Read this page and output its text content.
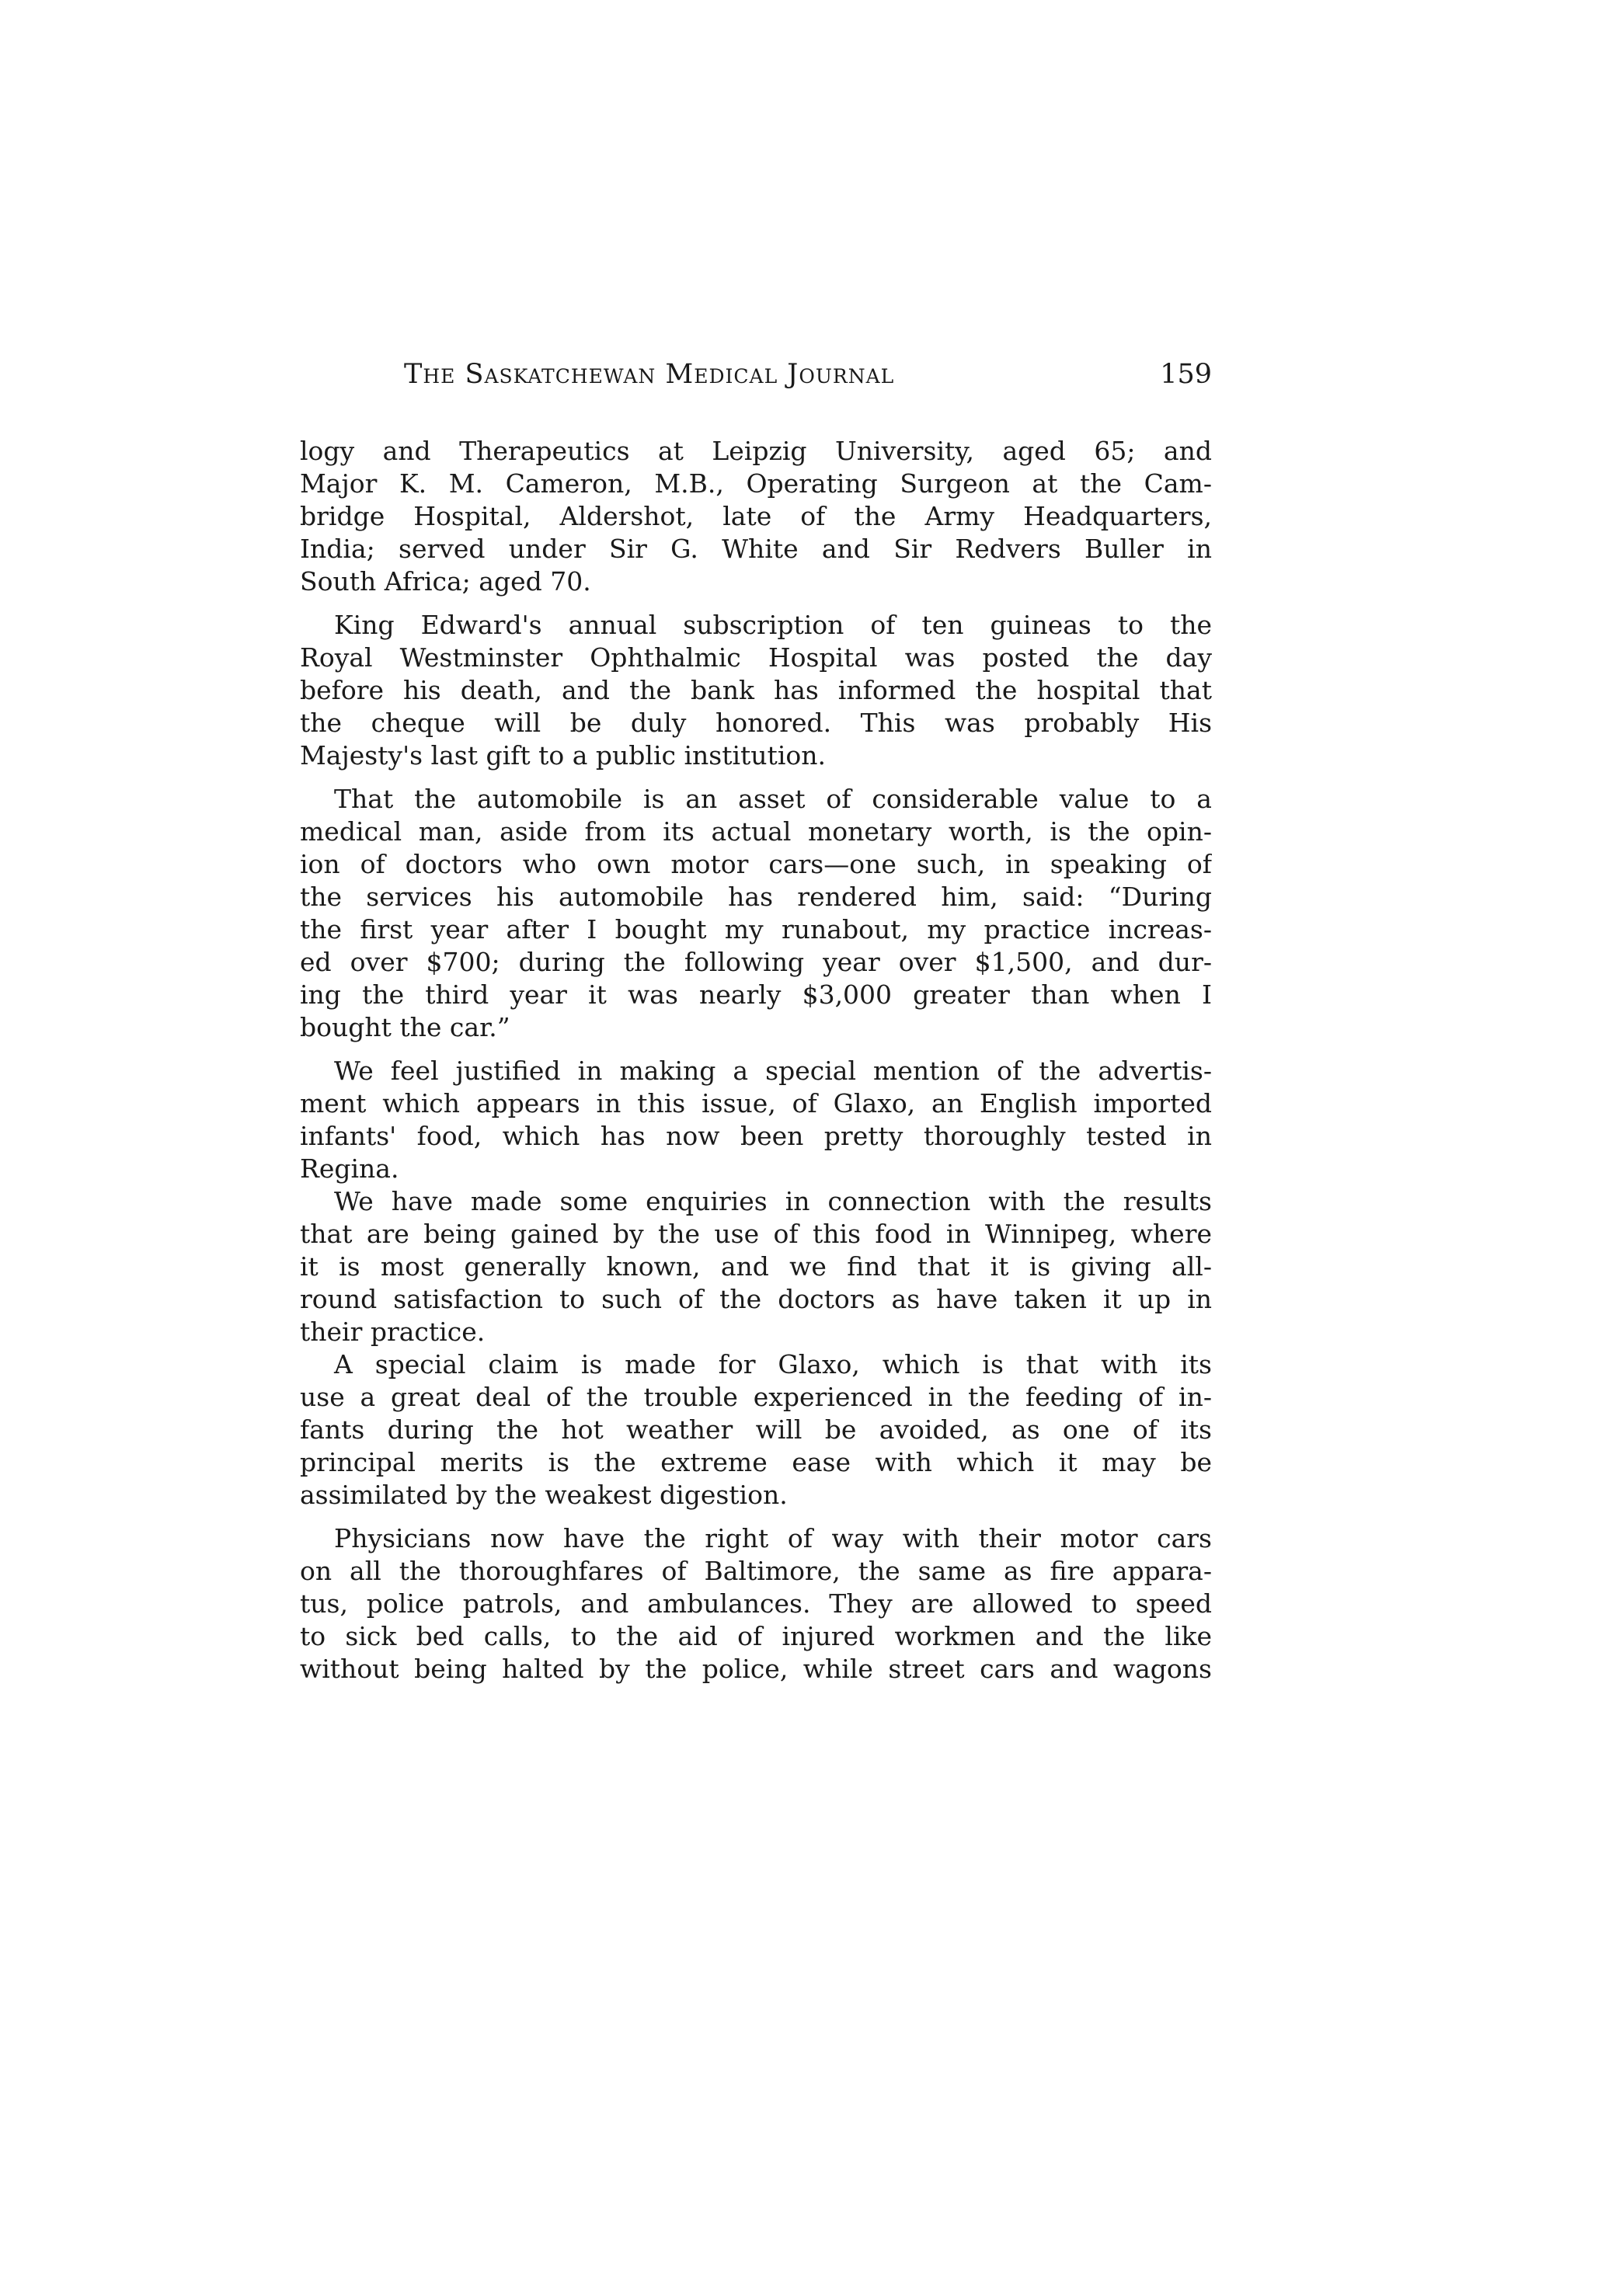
The Saskatchewan Medical Journal	159
logy and Therapeutics at Leipzig University, aged 65; and
Major K. M. Cameron, M.B., Operating Surgeon at the Cam-
bridge Hospital, Aldershot, late of the Army Headquarters,
India; served under Sir G. White and Sir Redvers Buller in
South Africa; aged 70.
King Edward's annual subscription of ten guineas to the
Royal Westminster Ophthalmic Hospital was posted the day
before his death, and the bank has informed the hospital that
the cheque will be duly honored. This was probably His
Majesty's last gift to a public institution.
That the automobile is an asset of considerable value to a
medical man, aside from its actual monetary worth, is the opin-
ion of doctors who own motor cars—one such, in speaking of
the services his automobile has rendered him, said: “During
the first year after I bought my runabout, my practice increas-
ed over $700; during the following year over $1,500, and dur-
ing the third year it was nearly $3,000 greater than when I
bought the car.”
We feel justified in making a special mention of the advertis-
ment which appears in this issue, of Glaxo, an English imported
infants' food, which has now been pretty thoroughly tested in
Regina.
We have made some enquiries in connection with the results
that are being gained by the use of this food in Winnipeg, where
it is most generally known, and we find that it is giving all-
round satisfaction to such of the doctors as have taken it up in
their practice.
A special claim is made for Glaxo, which is that with its
use a great deal of the trouble experienced in the feeding of in-
fants during the hot weather will be avoided, as one of its
principal merits is the extreme ease with which it may be
assimilated by the weakest digestion.
Physicians now have the right of way with their motor cars
on all the thoroughfares of Baltimore, the same as fire appara-
tus, police patrols, and ambulances. They are allowed to speed
to sick bed calls, to the aid of injured workmen and the like
without being halted by the police, while street cars and wagons
